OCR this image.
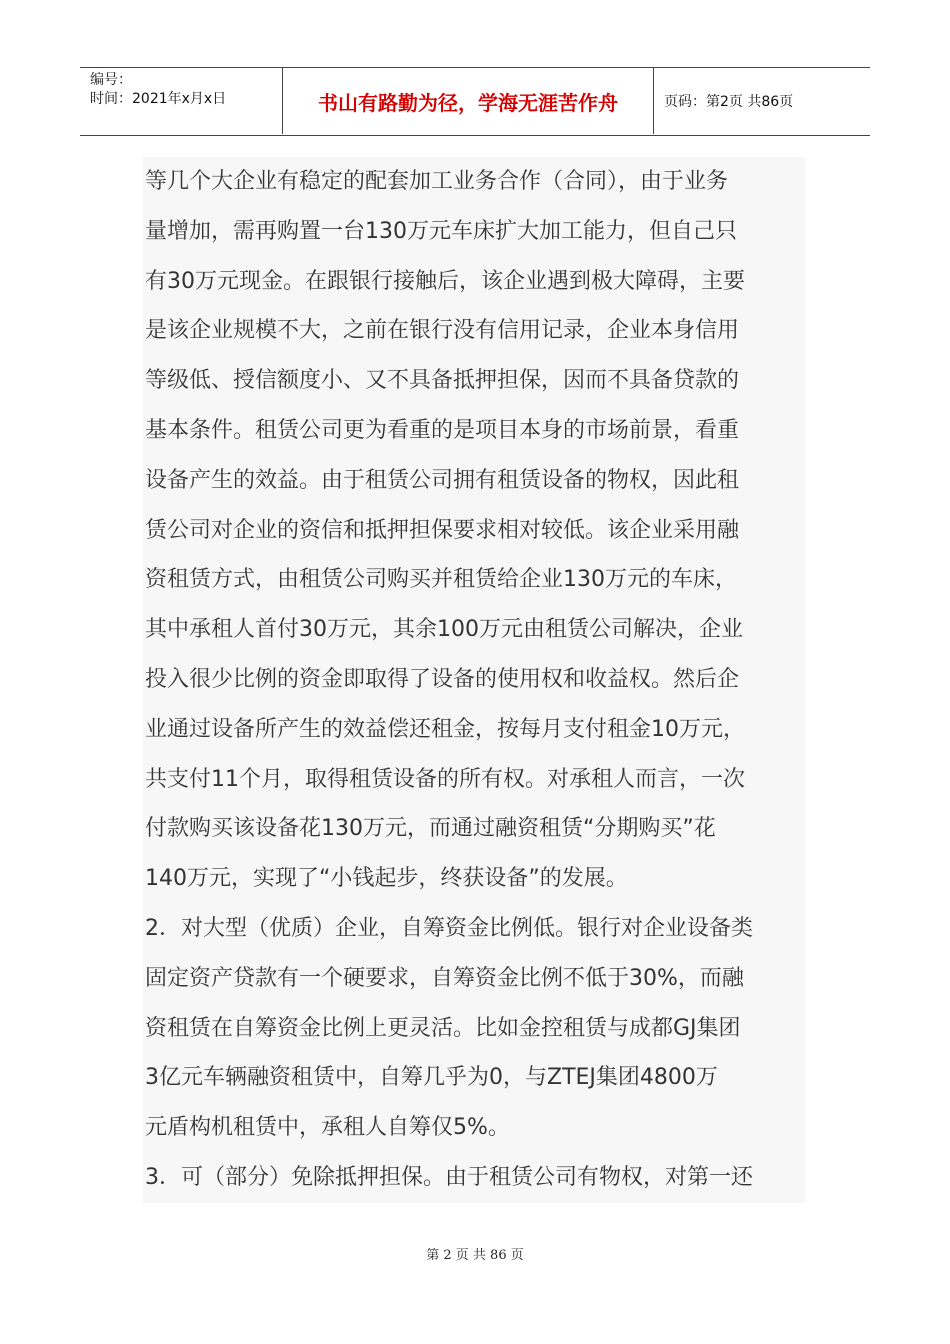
编号：
时间：2021年x月x日	书山有路勤为径，学海无涯苦作舟	页码：第2页 共86页
等几个大企业有稳定的配套加工业务合作（合同），由于业务
量增加，需再购置一台130万元车床扩大加工能力，但自己只
有30万元现金。在跟银行接触后，该企业遇到极大障碍，主要
是该企业规模不大，之前在银行没有信用记录，企业本身信用
等级低、授信额度小、又不具备抵押担保，因而不具备贷款的
基本条件。租赁公司更为看重的是项目本身的市场前景，看重
设备产生的效益。由于租赁公司拥有租赁设备的物权，因此租
赁公司对企业的资信和抵押担保要求相对较低。该企业采用融
资租赁方式，由租赁公司购买并租赁给企业130万元的车床，
其中承租人首付30万元，其余100万元由租赁公司解决，企业
投入很少比例的资金即取得了设备的使用权和收益权。然后企
业通过设备所产生的效益偿还租金，按每月支付租金10万元，
共支付11个月，取得租赁设备的所有权。对承租人而言，一次
付款购买该设备花130万元，而通过融资租赁“分期购买”花
140万元，实现了“小钱起步，终获设备”的发展。
2．对大型（优质）企业，自筹资金比例低。银行对企业设备类
固定资产贷款有一个硬要求，自筹资金比例不低于30%，而融
资租赁在自筹资金比例上更灵活。比如金控租赁与成都GJ集团
3亿元车辆融资租赁中，自筹几乎为0，与ZTEJ集团4800万
元盾构机租赁中，承租人自筹仅5%。
3．可（部分）免除抵押担保。由于租赁公司有物权，对第一还
第 2 页 共 86 页
